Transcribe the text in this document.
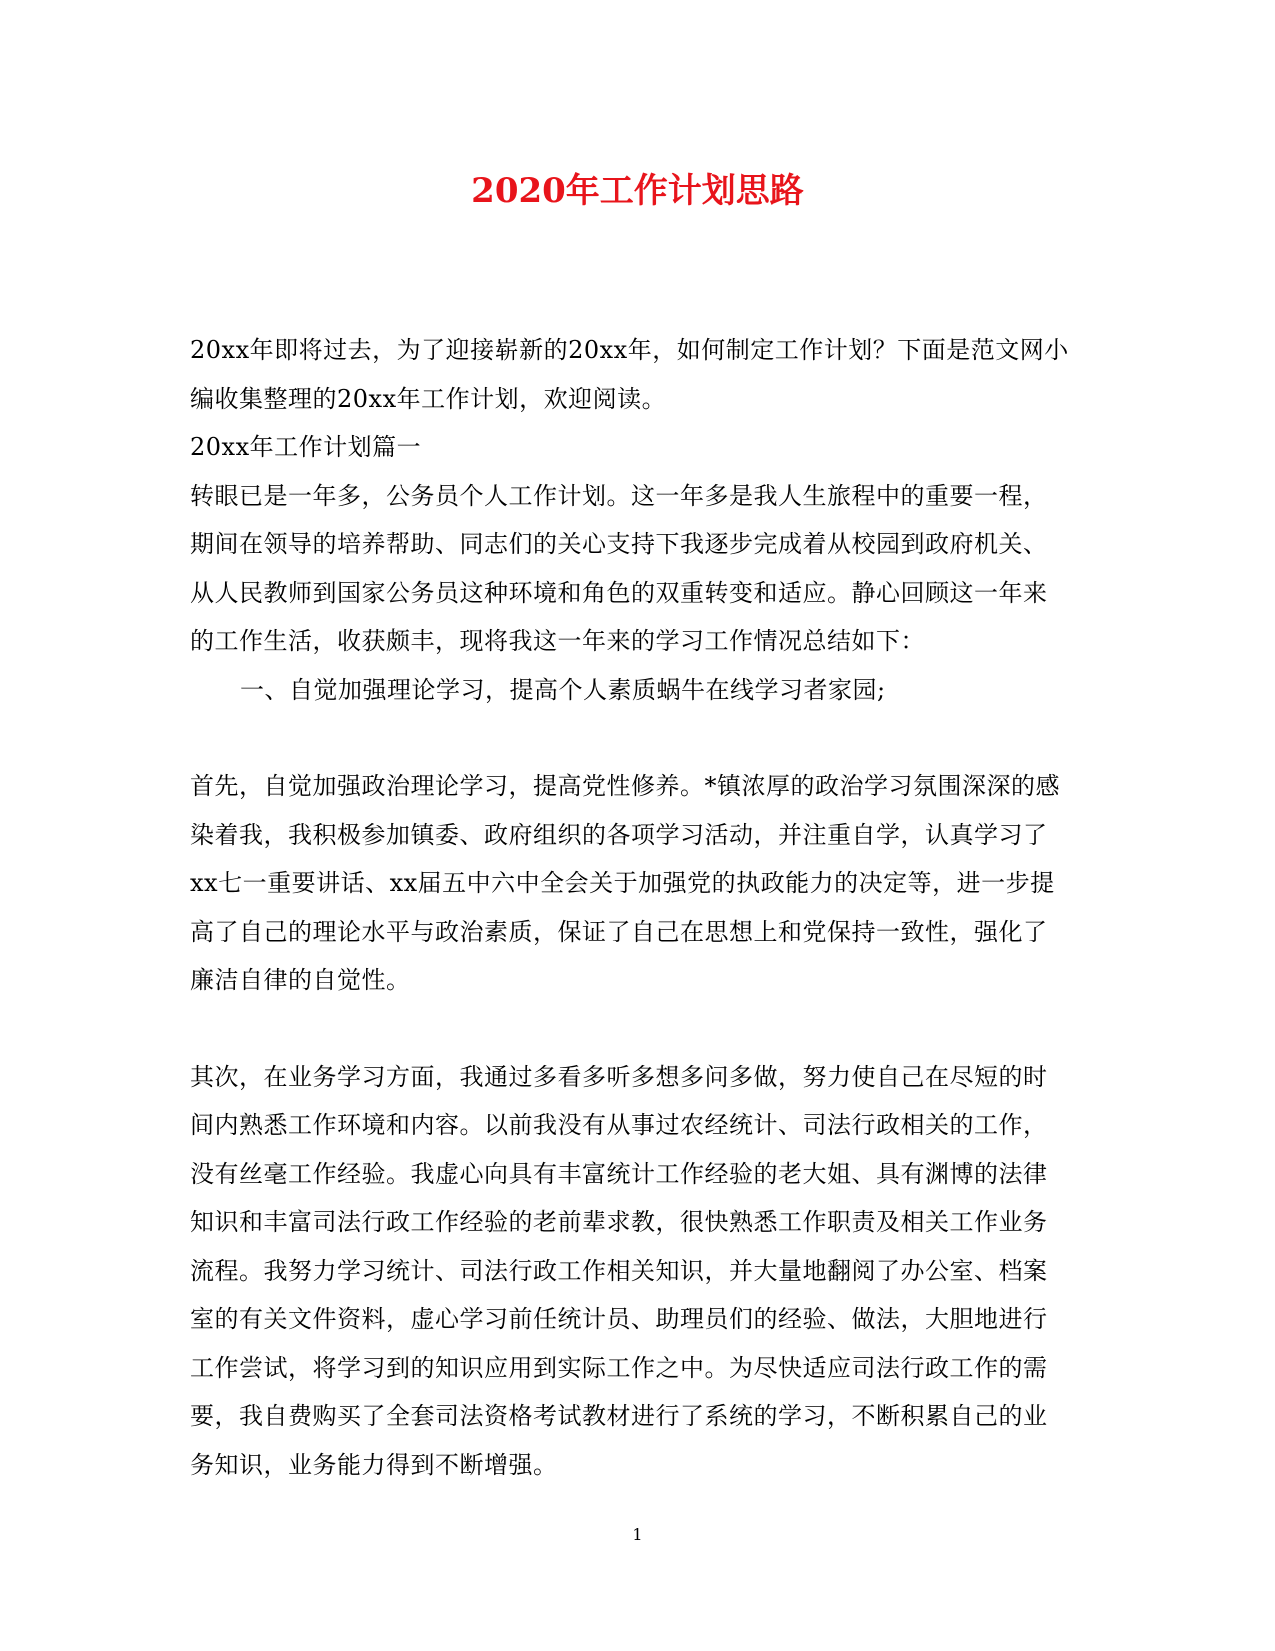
2020年工作计划思路

20xx年即将过去，为了迎接崭新的20xx年，如何制定工作计划？下面是范文网小编收集整理的20xx年工作计划，欢迎阅读。

20xx年工作计划篇一

转眼已是一年多，公务员个人工作计划。这一年多是我人生旅程中的重要一程，期间在领导的培养帮助、同志们的关心支持下我逐步完成着从校园到政府机关、从人民教师到国家公务员这种环境和角色的双重转变和适应。静心回顾这一年来的工作生活，收获颇丰，现将我这一年来的学习工作情况总结如下：

一、自觉加强理论学习，提高个人素质蜗牛在线学习者家园;

首先，自觉加强政治理论学习，提高党性修养。*镇浓厚的政治学习氛围深深的感染着我，我积极参加镇委、政府组织的各项学习活动，并注重自学，认真学习了xx七一重要讲话、xx届五中六中全会关于加强党的执政能力的决定等，进一步提高了自己的理论水平与政治素质，保证了自己在思想上和党保持一致性，强化了廉洁自律的自觉性。

其次，在业务学习方面，我通过多看多听多想多问多做，努力使自己在尽短的时间内熟悉工作环境和内容。以前我没有从事过农经统计、司法行政相关的工作，没有丝毫工作经验。我虚心向具有丰富统计工作经验的老大姐、具有渊博的法律知识和丰富司法行政工作经验的老前辈求教，很快熟悉工作职责及相关工作业务流程。我努力学习统计、司法行政工作相关知识，并大量地翻阅了办公室、档案室的有关文件资料，虚心学习前任统计员、助理员们的经验、做法，大胆地进行工作尝试，将学习到的知识应用到实际工作之中。为尽快适应司法行政工作的需要，我自费购买了全套司法资格考试教材进行了系统的学习，不断积累自己的业务知识，业务能力得到不断增强。

1
